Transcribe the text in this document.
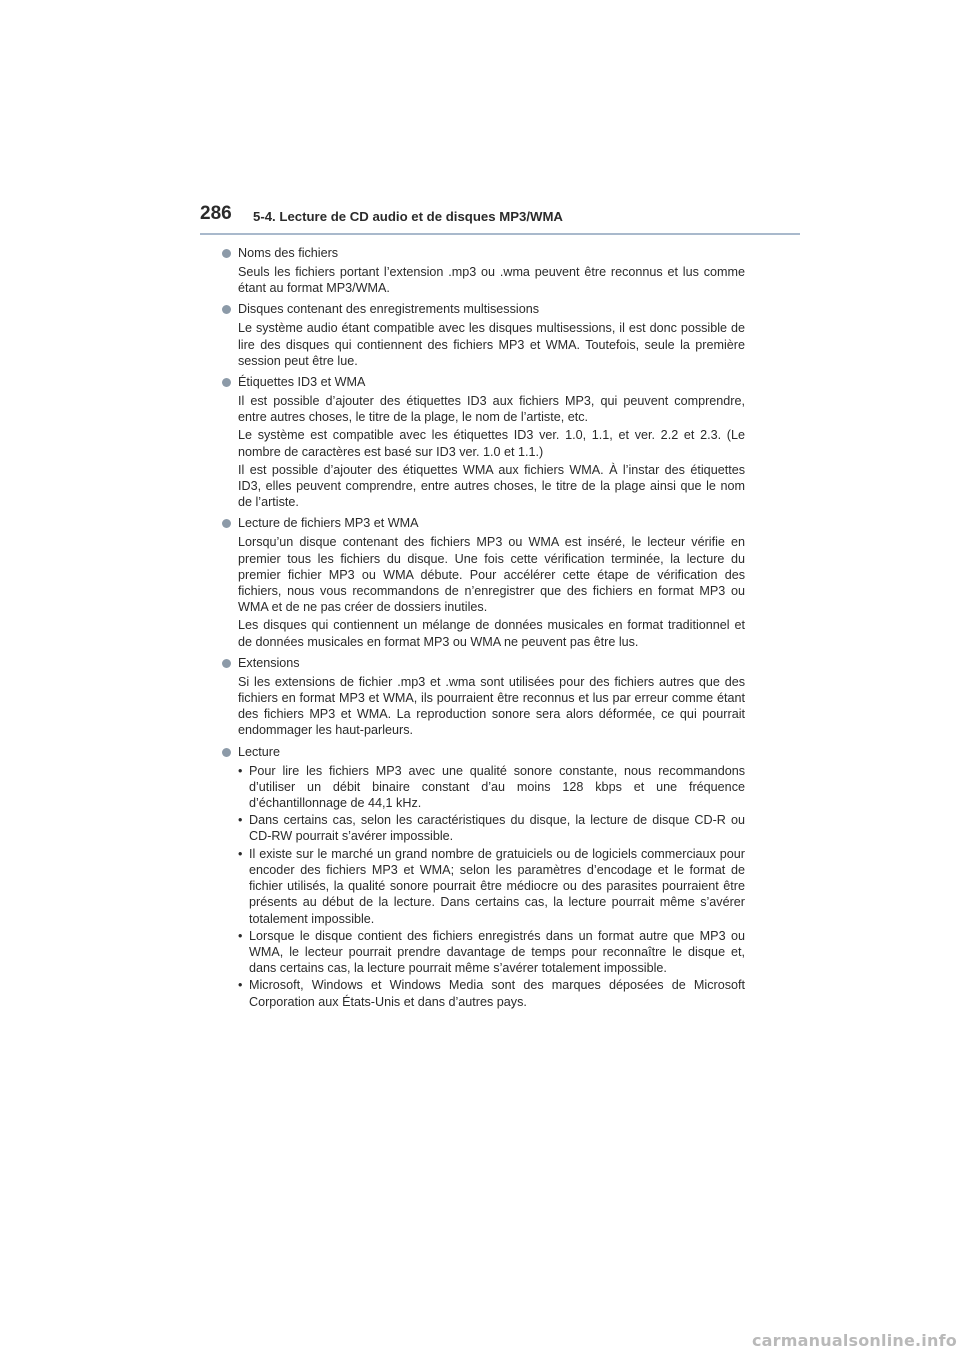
286 5-4. Lecture de CD audio et de disques MP3/WMA
Noms des fichiers

Seuls les fichiers portant l’extension .mp3 ou .wma peuvent être reconnus et lus comme étant au format MP3/WMA.

Disques contenant des enregistrements multisessions

Le système audio étant compatible avec les disques multisessions, il est donc possible de lire des disques qui contiennent des fichiers MP3 et WMA. Toutefois, seule la première session peut être lue.

Étiquettes ID3 et WMA

Il est possible d’ajouter des étiquettes ID3 aux fichiers MP3, qui peuvent comprendre, entre autres choses, le titre de la plage, le nom de l’artiste, etc.

Le système est compatible avec les étiquettes ID3 ver. 1.0, 1.1, et ver. 2.2 et 2.3. (Le nombre de caractères est basé sur ID3 ver. 1.0 et 1.1.)

Il est possible d’ajouter des étiquettes WMA aux fichiers WMA. À l’instar des étiquettes ID3, elles peuvent comprendre, entre autres choses, le titre de la plage ainsi que le nom de l’artiste.

Lecture de fichiers MP3 et WMA

Lorsqu’un disque contenant des fichiers MP3 ou WMA est inséré, le lecteur vérifie en premier tous les fichiers du disque. Une fois cette vérification terminée, la lecture du premier fichier MP3 ou WMA débute. Pour accélérer cette étape de vérification des fichiers, nous vous recommandons de n’enregistrer que des fichiers en format MP3 ou WMA et de ne pas créer de dossiers inutiles.

Les disques qui contiennent un mélange de données musicales en format traditionnel et de données musicales en format MP3 ou WMA ne peuvent pas être lus.

Extensions

Si les extensions de fichier .mp3 et .wma sont utilisées pour des fichiers autres que des fichiers en format MP3 et WMA, ils pourraient être reconnus et lus par erreur comme étant des fichiers MP3 et WMA. La reproduction sonore sera alors déformée, ce qui pourrait endommager les haut-parleurs.

Lecture
• Pour lire les fichiers MP3 avec une qualité sonore constante, nous recommandons d’utiliser un débit binaire constant d’au moins 128 kbps et une fréquence d’échantillonnage de 44,1 kHz.
• Dans certains cas, selon les caractéristiques du disque, la lecture de disque CD-R ou CD-RW pourrait s’avérer impossible.
• Il existe sur le marché un grand nombre de gratuiciels ou de logiciels commerciaux pour encoder des fichiers MP3 et WMA; selon les paramètres d’encodage et le format de fichier utilisés, la qualité sonore pourrait être médiocre ou des parasites pourraient être présents au début de la lecture. Dans certains cas, la lecture pourrait même s’avérer totalement impossible.
• Lorsque le disque contient des fichiers enregistrés dans un format autre que MP3 ou WMA, le lecteur pourrait prendre davantage de temps pour reconnaître le disque et, dans certains cas, la lecture pourrait même s’avérer totalement impossible.
• Microsoft, Windows et Windows Media sont des marques déposées de Microsoft Corporation aux États-Unis et dans d’autres pays.
carmanualsonline.info
